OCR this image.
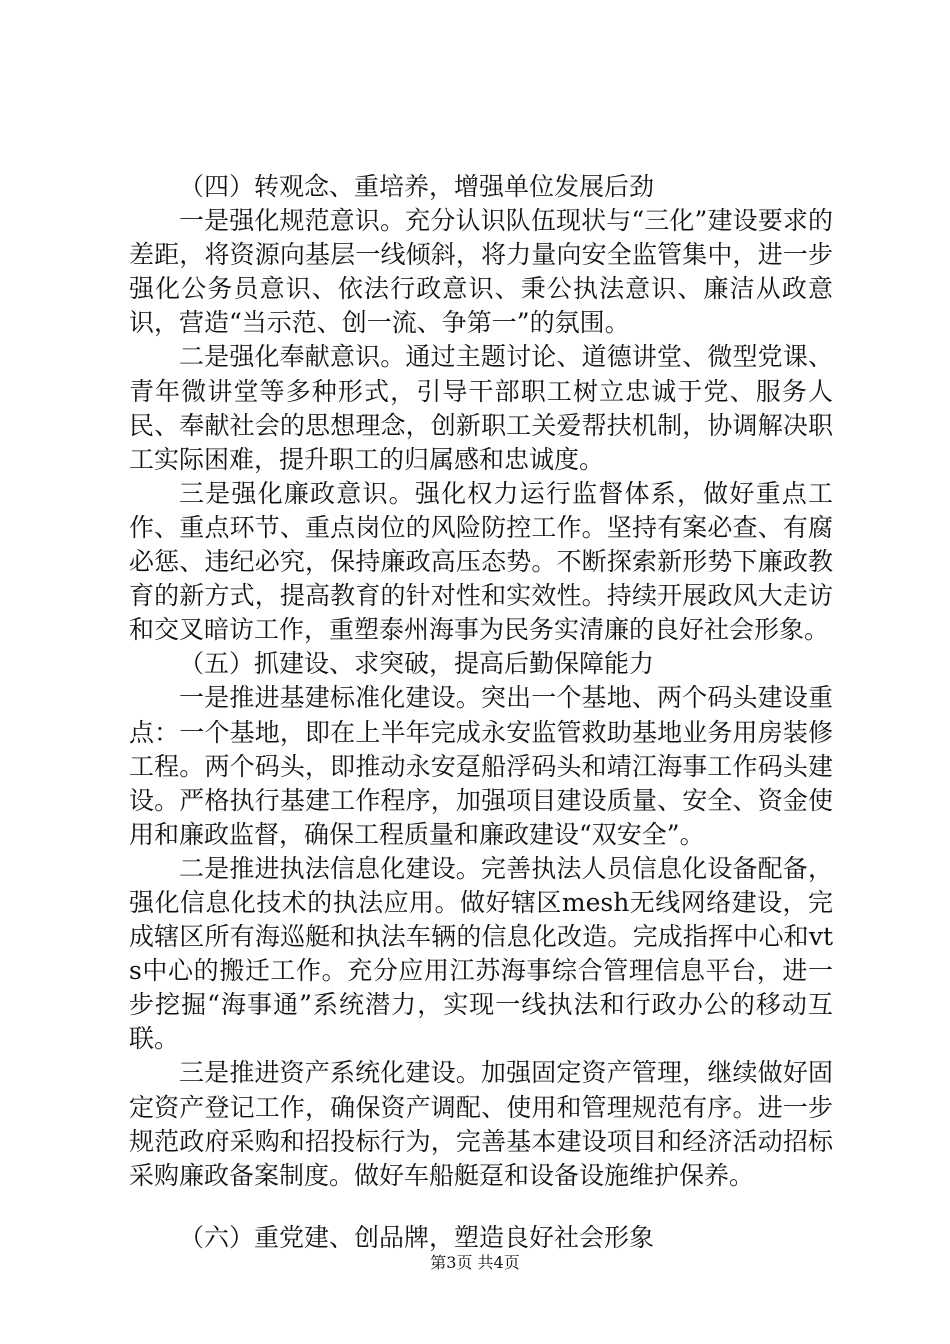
（四）转观念、重培养，增强单位发展后劲

一是强化规范意识。充分认识队伍现状与“三化”建设要求的差距，将资源向基层一线倾斜，将力量向安全监管集中，进一步强化公务员意识、依法行政意识、秉公执法意识、廉洁从政意识，营造“当示范、创一流、争第一”的氛围。

二是强化奉献意识。通过主题讨论、道德讲堂、微型党课、青年微讲堂等多种形式，引导干部职工树立忠诚于党、服务人民、奉献社会的思想理念，创新职工关爱帮扶机制，协调解决职工实际困难，提升职工的归属感和忠诚度。

三是强化廉政意识。强化权力运行监督体系，做好重点工作、重点环节、重点岗位的风险防控工作。坚持有案必查、有腐必惩、违纪必究，保持廉政高压态势。不断探索新形势下廉政教育的新方式，提高教育的针对性和实效性。持续开展政风大走访和交叉暗访工作，重塑泰州海事为民务实清廉的良好社会形象。

（五）抓建设、求突破，提高后勤保障能力

一是推进基建标准化建设。突出一个基地、两个码头建设重点：一个基地，即在上半年完成永安监管救助基地业务用房装修工程。两个码头，即推动永安趸船浮码头和靖江海事工作码头建设。严格执行基建工作程序，加强项目建设质量、安全、资金使用和廉政监督，确保工程质量和廉政建设“双安全”。

二是推进执法信息化建设。完善执法人员信息化设备配备，强化信息化技术的执法应用。做好辖区mesh无线网络建设，完成辖区所有海巡艇和执法车辆的信息化改造。完成指挥中心和vts中心的搬迁工作。充分应用江苏海事综合管理信息平台，进一步挖掘“海事通”系统潜力，实现一线执法和行政办公的移动互联。

三是推进资产系统化建设。加强固定资产管理，继续做好固定资产登记工作，确保资产调配、使用和管理规范有序。进一步规范政府采购和招投标行为，完善基本建设项目和经济活动招标采购廉政备案制度。做好车船艇趸和设备设施维护保养。

（六）重党建、创品牌，塑造良好社会形象

第3页 共4页
